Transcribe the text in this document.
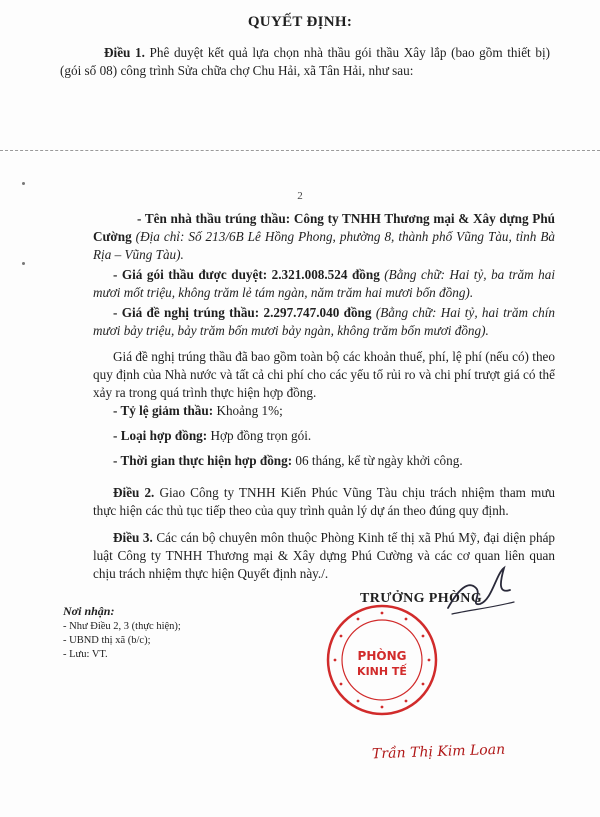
QUYẾT ĐỊNH:
Điều 1. Phê duyệt kết quả lựa chọn nhà thầu gói thầu Xây lắp (bao gồm thiết bị) (gói số 08) công trình Sửa chữa chợ Chu Hải, xã Tân Hải, như sau:
2
- Tên nhà thầu trúng thầu: Công ty TNHH Thương mại & Xây dựng Phú Cường (Địa chỉ: Số 213/6B Lê Hồng Phong, phường 8, thành phố Vũng Tàu, tỉnh Bà Rịa – Vũng Tàu).
- Giá gói thầu được duyệt: 2.321.008.524 đồng (Bằng chữ: Hai tỷ, ba trăm hai mươi mốt triệu, không trăm lẻ tám ngàn, năm trăm hai mươi bốn đồng).
- Giá đề nghị trúng thầu: 2.297.747.040 đồng (Bằng chữ: Hai tỷ, hai trăm chín mươi bảy triệu, bảy trăm bốn mươi bảy ngàn, không trăm bốn mươi đồng).
Giá đề nghị trúng thầu đã bao gồm toàn bộ các khoản thuế, phí, lệ phí (nếu có) theo quy định của Nhà nước và tất cả chi phí cho các yếu tố rủi ro và chi phí trượt giá có thể xảy ra trong quá trình thực hiện hợp đồng.
- Tỷ lệ giảm thầu: Khoảng 1%;
- Loại hợp đồng: Hợp đồng trọn gói.
- Thời gian thực hiện hợp đồng: 06 tháng, kể từ ngày khởi công.
Điều 2. Giao Công ty TNHH Kiến Phúc Vũng Tàu chịu trách nhiệm tham mưu thực hiện các thủ tục tiếp theo của quy trình quản lý dự án theo đúng quy định.
Điều 3. Các cán bộ chuyên môn thuộc Phòng Kinh tế thị xã Phú Mỹ, đại diện pháp luật Công ty TNHH Thương mại & Xây dựng Phú Cường và các cơ quan liên quan chịu trách nhiệm thực hiện Quyết định này./.
Nơi nhận:
- Như Điều 2, 3 (thực hiện);
- UBND thị xã (b/c);
- Lưu: VT.
TRƯỞNG PHÒNG
PHÒNG
KINH TẾ
Trần Thị Kim Loan
